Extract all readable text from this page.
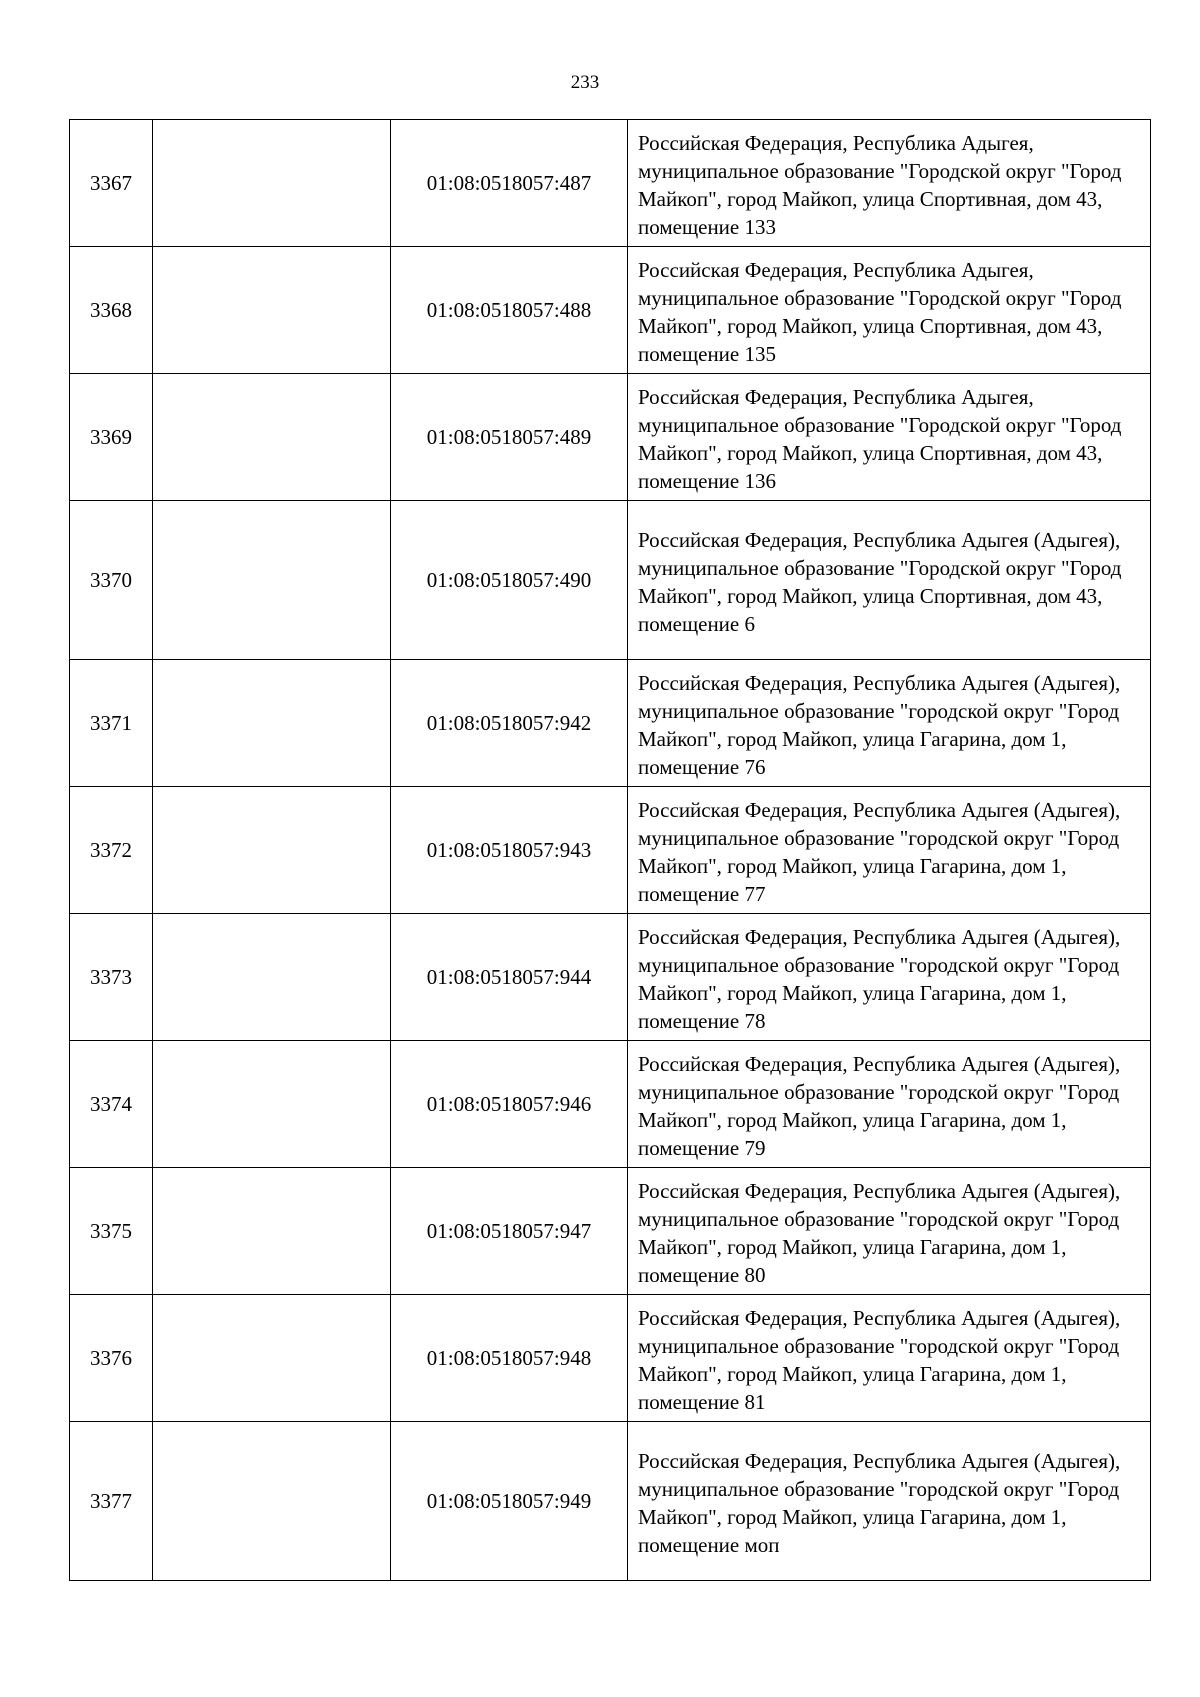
233
3367		01:08:0518057:487	Российская Федерация, Республика Адыгея, муниципальное образование "Городской округ "Город Майкоп", город Майкоп, улица Спортивная, дом 43, помещение 133
3368		01:08:0518057:488	Российская Федерация, Республика Адыгея, муниципальное образование "Городской округ "Город Майкоп", город Майкоп, улица Спортивная, дом 43, помещение 135
3369		01:08:0518057:489	Российская Федерация, Республика Адыгея, муниципальное образование "Городской округ "Город Майкоп", город Майкоп, улица Спортивная, дом 43, помещение 136
3370		01:08:0518057:490	Российская Федерация, Республика Адыгея (Адыгея), муниципальное образование "Городской округ "Город Майкоп", город Майкоп, улица Спортивная, дом 43, помещение 6
3371		01:08:0518057:942	Российская Федерация, Республика Адыгея (Адыгея), муниципальное образование "городской округ "Город Майкоп", город Майкоп, улица Гагарина, дом 1, помещение 76
3372		01:08:0518057:943	Российская Федерация, Республика Адыгея (Адыгея), муниципальное образование "городской округ "Город Майкоп", город Майкоп, улица Гагарина, дом 1, помещение 77
3373		01:08:0518057:944	Российская Федерация, Республика Адыгея (Адыгея), муниципальное образование "городской округ "Город Майкоп", город Майкоп, улица Гагарина, дом 1, помещение 78
3374		01:08:0518057:946	Российская Федерация, Республика Адыгея (Адыгея), муниципальное образование "городской округ "Город Майкоп", город Майкоп, улица Гагарина, дом 1, помещение 79
3375		01:08:0518057:947	Российская Федерация, Республика Адыгея (Адыгея), муниципальное образование "городской округ "Город Майкоп", город Майкоп, улица Гагарина, дом 1, помещение 80
3376		01:08:0518057:948	Российская Федерация, Республика Адыгея (Адыгея), муниципальное образование "городской округ "Город Майкоп", город Майкоп, улица Гагарина, дом 1, помещение 81
3377		01:08:0518057:949	Российская Федерация, Республика Адыгея (Адыгея), муниципальное образование "городской округ "Город Майкоп", город Майкоп, улица Гагарина, дом 1, помещение моп
